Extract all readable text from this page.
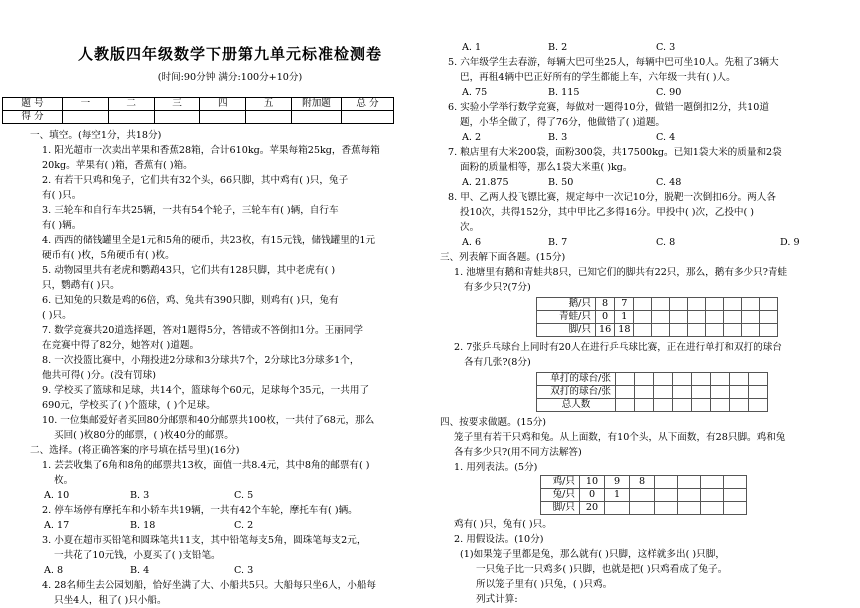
人教版四年级数学下册第九单元标准检测卷
(时间:90分钟 满分:100分+10分)
题 号	一	二	三	四	五	附加题	总 分
得 分							
一、填空。(每空1分，共18分)
1. 阳光超市一次卖出苹果和香蕉28箱，合计610kg。苹果每箱25kg，香蕉每箱
20kg。苹果有( )箱，香蕉有( )箱。
2. 有若干只鸡和兔子，它们共有32个头，66只脚，其中鸡有( )只，兔子
有( )只。
3. 三轮车和自行车共25辆，一共有54个轮子，三轮车有( )辆，自行车
有( )辆。
4. 西西的储钱罐里全是1元和5角的硬币，共23枚，有15元钱，储钱罐里的1元
硬币有( )枚，5角硬币有( )枚。
5. 动物园里共有老虎和鹦鹉43只，它们共有128只脚，其中老虎有( )
只，鹦鹉有( )只。
6. 已知兔的只数是鸡的6倍，鸡、兔共有390只脚，则鸡有( )只，兔有
( )只。
7. 数学竞赛共20道选择题，答对1题得5分，答错或不答倒扣1分。王丽同学
在竞赛中得了82分，她答对( )道题。
8. 一次投篮比赛中，小翔投进2分球和3分球共7个，2分球比3分球多1个，
他共可得( )分。(没有罚球)
9. 学校买了篮球和足球，共14个，篮球每个60元，足球每个35元，一共用了
690元，学校买了( )个篮球，( )个足球。
10. 一位集邮爱好者买回80分邮票和40分邮票共100枚，一共付了68元，那么
买回( )枚80分的邮票，( )枚40分的邮票。
二、选择。(将正确答案的序号填在括号里)(16分)
1. 芸芸收集了6角和8角的邮票共13枚，面值一共8.4元，其中8角的邮票有( )
枚。
A. 10	B. 3	C. 5
2. 停车场停有摩托车和小轿车共19辆，一共有42个车轮，摩托车有( )辆。
A. 17	B. 18	C. 2
3. 小夏在超市买铅笔和圆珠笔共11支，其中铅笔每支5角，圆珠笔每支2元，
一共花了10元钱，小夏买了( )支铅笔。
A. 8	B. 4	C. 3
4. 28名师生去公园划船，恰好坐满了大、小船共5只。大船每只坐6人，小船每
只坐4人，租了( )只小船。
A. 1	B. 2	C. 3
5. 六年级学生去春游，每辆大巴可坐25人，每辆中巴可坐10人。先租了3辆大
巴，再租4辆中巴正好所有的学生都能上车，六年级一共有( )人。
A. 75	B. 115	C. 90
6. 实验小学举行数学竞赛，每做对一题得10分，做错一题倒扣2分，共10道
题，小华全做了，得了76分，他做错了( )道题。
A. 2	B. 3	C. 4
7. 粮店里有大米200袋，面粉300袋，共17500kg。已知1袋大米的质量和2袋
面粉的质量相等，那么1袋大米重( )kg。
A. 21.875	B. 50	C. 48
8. 甲、乙两人投飞镖比赛，规定每中一次记10分，脱靶一次倒扣6分。两人各
投10次，共得152分，其中甲比乙多得16分。甲投中( )次，乙投中( )
次。
A. 6	B. 7	C. 8	D. 9
三、列表解下面各题。(15分)
1. 池塘里有鹅和青蛙共8只，已知它们的脚共有22只，那么，鹅有多少只?青蛙
有多少只?(7分)
鹅/只	8	7								
青蛙/只	0	1								
脚/只	16	18								
2. 7张乒乓球台上同时有20人在进行乒乓球比赛，正在进行单打和双打的球台
各有几张?(8分)
单打的球台/张								
双打的球台/张								
总人数								
四、按要求做题。(15分)
笼子里有若干只鸡和兔。从上面数，有10个头，从下面数，有28只脚。鸡和兔
各有多少只?(用不同方法解答)
1. 用列表法。(5分)
鸡/只	10	9	8				
兔/只	0	1					
脚/只	20						
鸡有( )只，兔有( )只。
2. 用假设法。(10分)
(1)如果笼子里都是兔，那么就有( )只脚，这样就多出( )只脚，
一只兔子比一只鸡多( )只脚，也就是把( )只鸡看成了兔子。
所以笼子里有( )只兔，( )只鸡。
列式计算:
